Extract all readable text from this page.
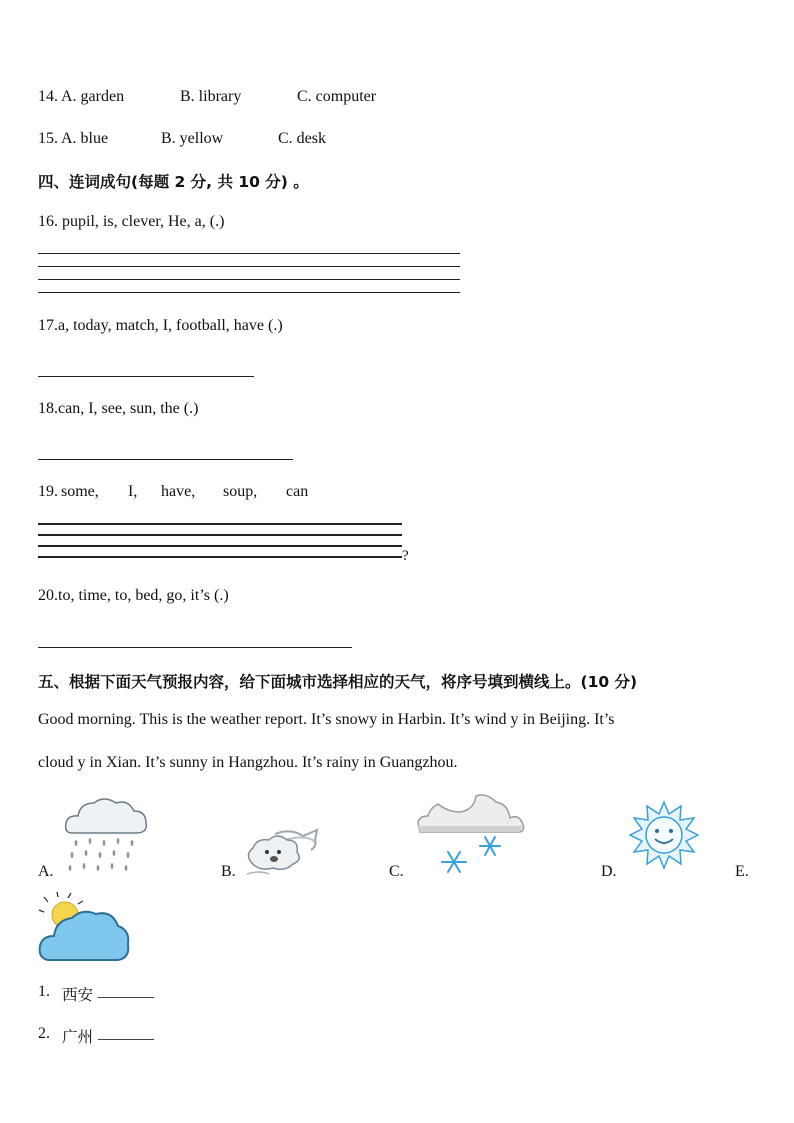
14. A. garden	B. library	C. computer
15. A. blue	B. yellow	C. desk
四、连词成句(每题 2 分, 共 10 分) 。
16. pupil, is, clever, He, a, (.)
17.a, today, match, I, football, have (.)
18.can, I, see, sun, the (.)
19. some, I, have, soup, can
?
20.to, time, to, bed, go, it’s (.)
五、根据下面天气预报内容，给下面城市选择相应的天气，将序号填到横线上。(10 分)
Good morning. This is the weather report. It’s snowy in Harbin. It’s wind y in Beijing. It’s
cloud y in Xian. It’s sunny in Hangzhou. It’s rainy in Guangzhou.
A.	B.	C.	D.	E.
1. 西安 _______
2. 广州 _______
